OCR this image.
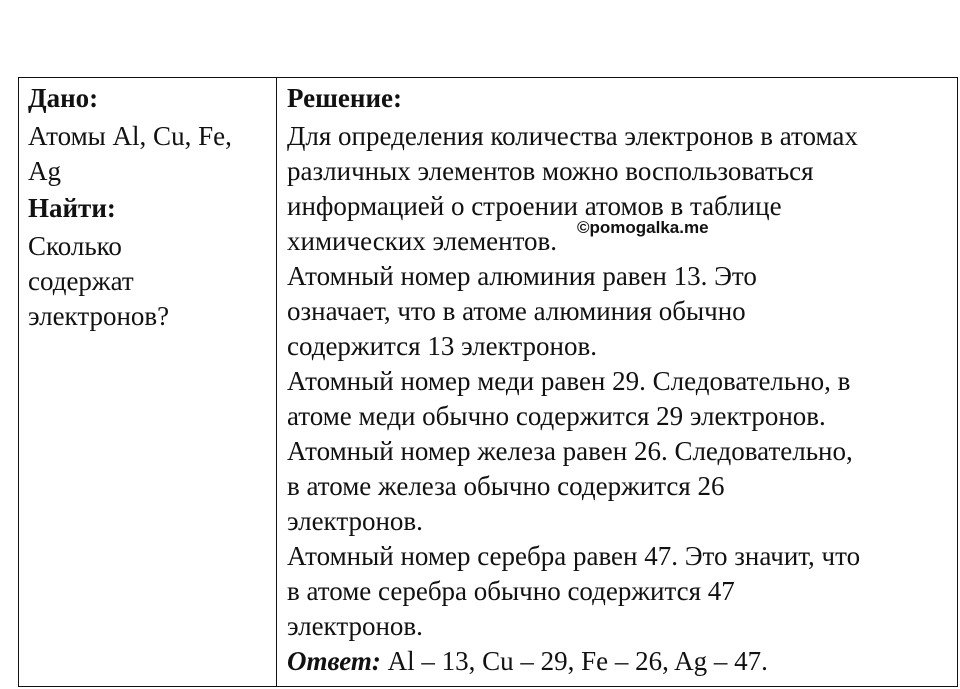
Дано:

Атомы Al, Cu, Fe,

Ag

Найти:

Сколько

содержат

электронов?

Решение:

Для определения количества электронов в атомах

различных элементов можно воспользоваться

информацией о строении атомов в таблице

химических элементов.

Атомный номер алюминия равен 13. Это

означает, что в атоме алюминия обычно

содержится 13 электронов.

Атомный номер меди равен 29. Следовательно, в

атоме меди обычно содержится 29 электронов.

Атомный номер железа равен 26. Следовательно,

в атоме железа обычно содержится 26

электронов.

Атомный номер серебра равен 47. Это значит, что

в атоме серебра обычно содержится 47

электронов.

Ответ: Al – 13, Cu – 29, Fe – 26, Ag – 47.

©pomogalka.me
